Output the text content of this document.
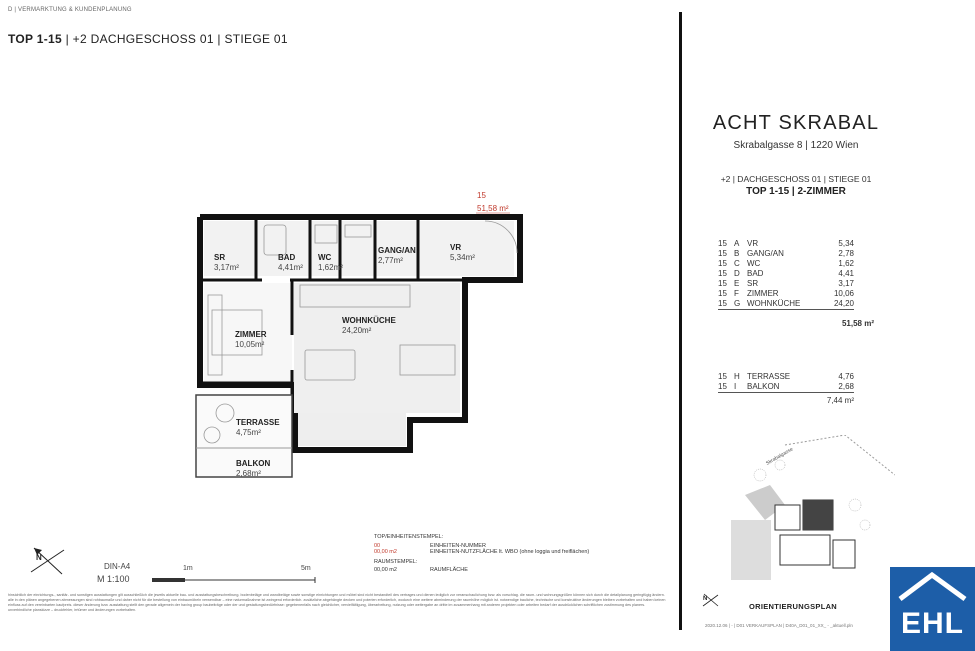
D | VERMARKTUNG & KUNDENPLANUNG
TOP 1-15 | +2 DACHGESCHOSS 01 | STIEGE 01
15
51,58 m²
SR
3,17m²
BAD
4,41m²
WC
1,62m²
GANG/AN
2,77m²
VR
5,34m²
ZIMMER
10,05m²
WOHNKÜCHE
24,20m²
TERRASSE
4,75m²
BALKON
2,68m²
N
DIN-A4
M 1:100
1m	5m
TOP/EINHEITENSTEMPEL:
00	EINHEITEN-NUMMER
00,00 m2	EINHEITEN-NUTZFLÄCHE lt. WBO (ohne loggia und freiflächen)
RAUMSTEMPEL:
00,00 m2	RAUMFLÄCHE
hinsichtlich der einrichtungs-, sanitär- und sonstigen ausstattungen gilt ausschließlich die jeweils aktuelle bau- und ausstattungsbeschreibung. bodenbeläge und wandbeläge sowie sonstige einrichtungen und möbel sind nicht bestandteil des vertrages und dienen lediglich zur veranschaulichung bzw. als vorschlag. die raum- und wohnungsgrößen können sich durch die detailplanung geringfügig ändern. alle in den plänen angegebenen abmessungen sind rohbaumaße und daher nicht für die bestellung von einbaumöbeln verwendbar – eine naturmaßnahme ist zwingend erforderlich. zusätzliche abgehängte decken und poterien erforderlich, wodurch eine weitere abminderung der raumhöhe möglich ist. notwendige bauliche, technische und konstruktive änderungen bleiben vorbehalten und haben keinen einfluss auf den vereinbarten kaufpreis. dieser änderung bzw. ausstattung stellt den gerade allgemein der having group baubeiträge oder der und gestaltungsbedürfnisse: gegebenenfalls nach gleichlicher, vervielfältigung, überarbeitung, nutzung oder weitergabe an dritte im zusammenhang mit anderen projekten oder arbeiten bedarf der ausdrücklichen schriftlichen zustimmung des planers. unverbindliche planskizze – druckfehler, irrtümer und änderungen vorbehalten.
ACHT SKRABAL
Skrabalgasse 8 | 1220 Wien
+2 | DACHGESCHOSS 01 | STIEGE 01
TOP 1-15 | 2-ZIMMER
15 A VR	5,34
15 B GANG/AN	2,78
15 C WC	1,62
15 D BAD	4,41
15 E SR	3,17
15 F	ZIMMER	10,06
15 G WOHNKÜCHE	24,20
51,58 m²
15 H TERRASSE	4,76
15 I	BALKON	2,68
7,44 m²
Skrabalgasse
N
ORIENTIERUNGSPLAN
2020.12.06 | - | D01 VERKAUFSPLAN | D40A_D01_01_XX_ - _aktuell.pln	EHL
